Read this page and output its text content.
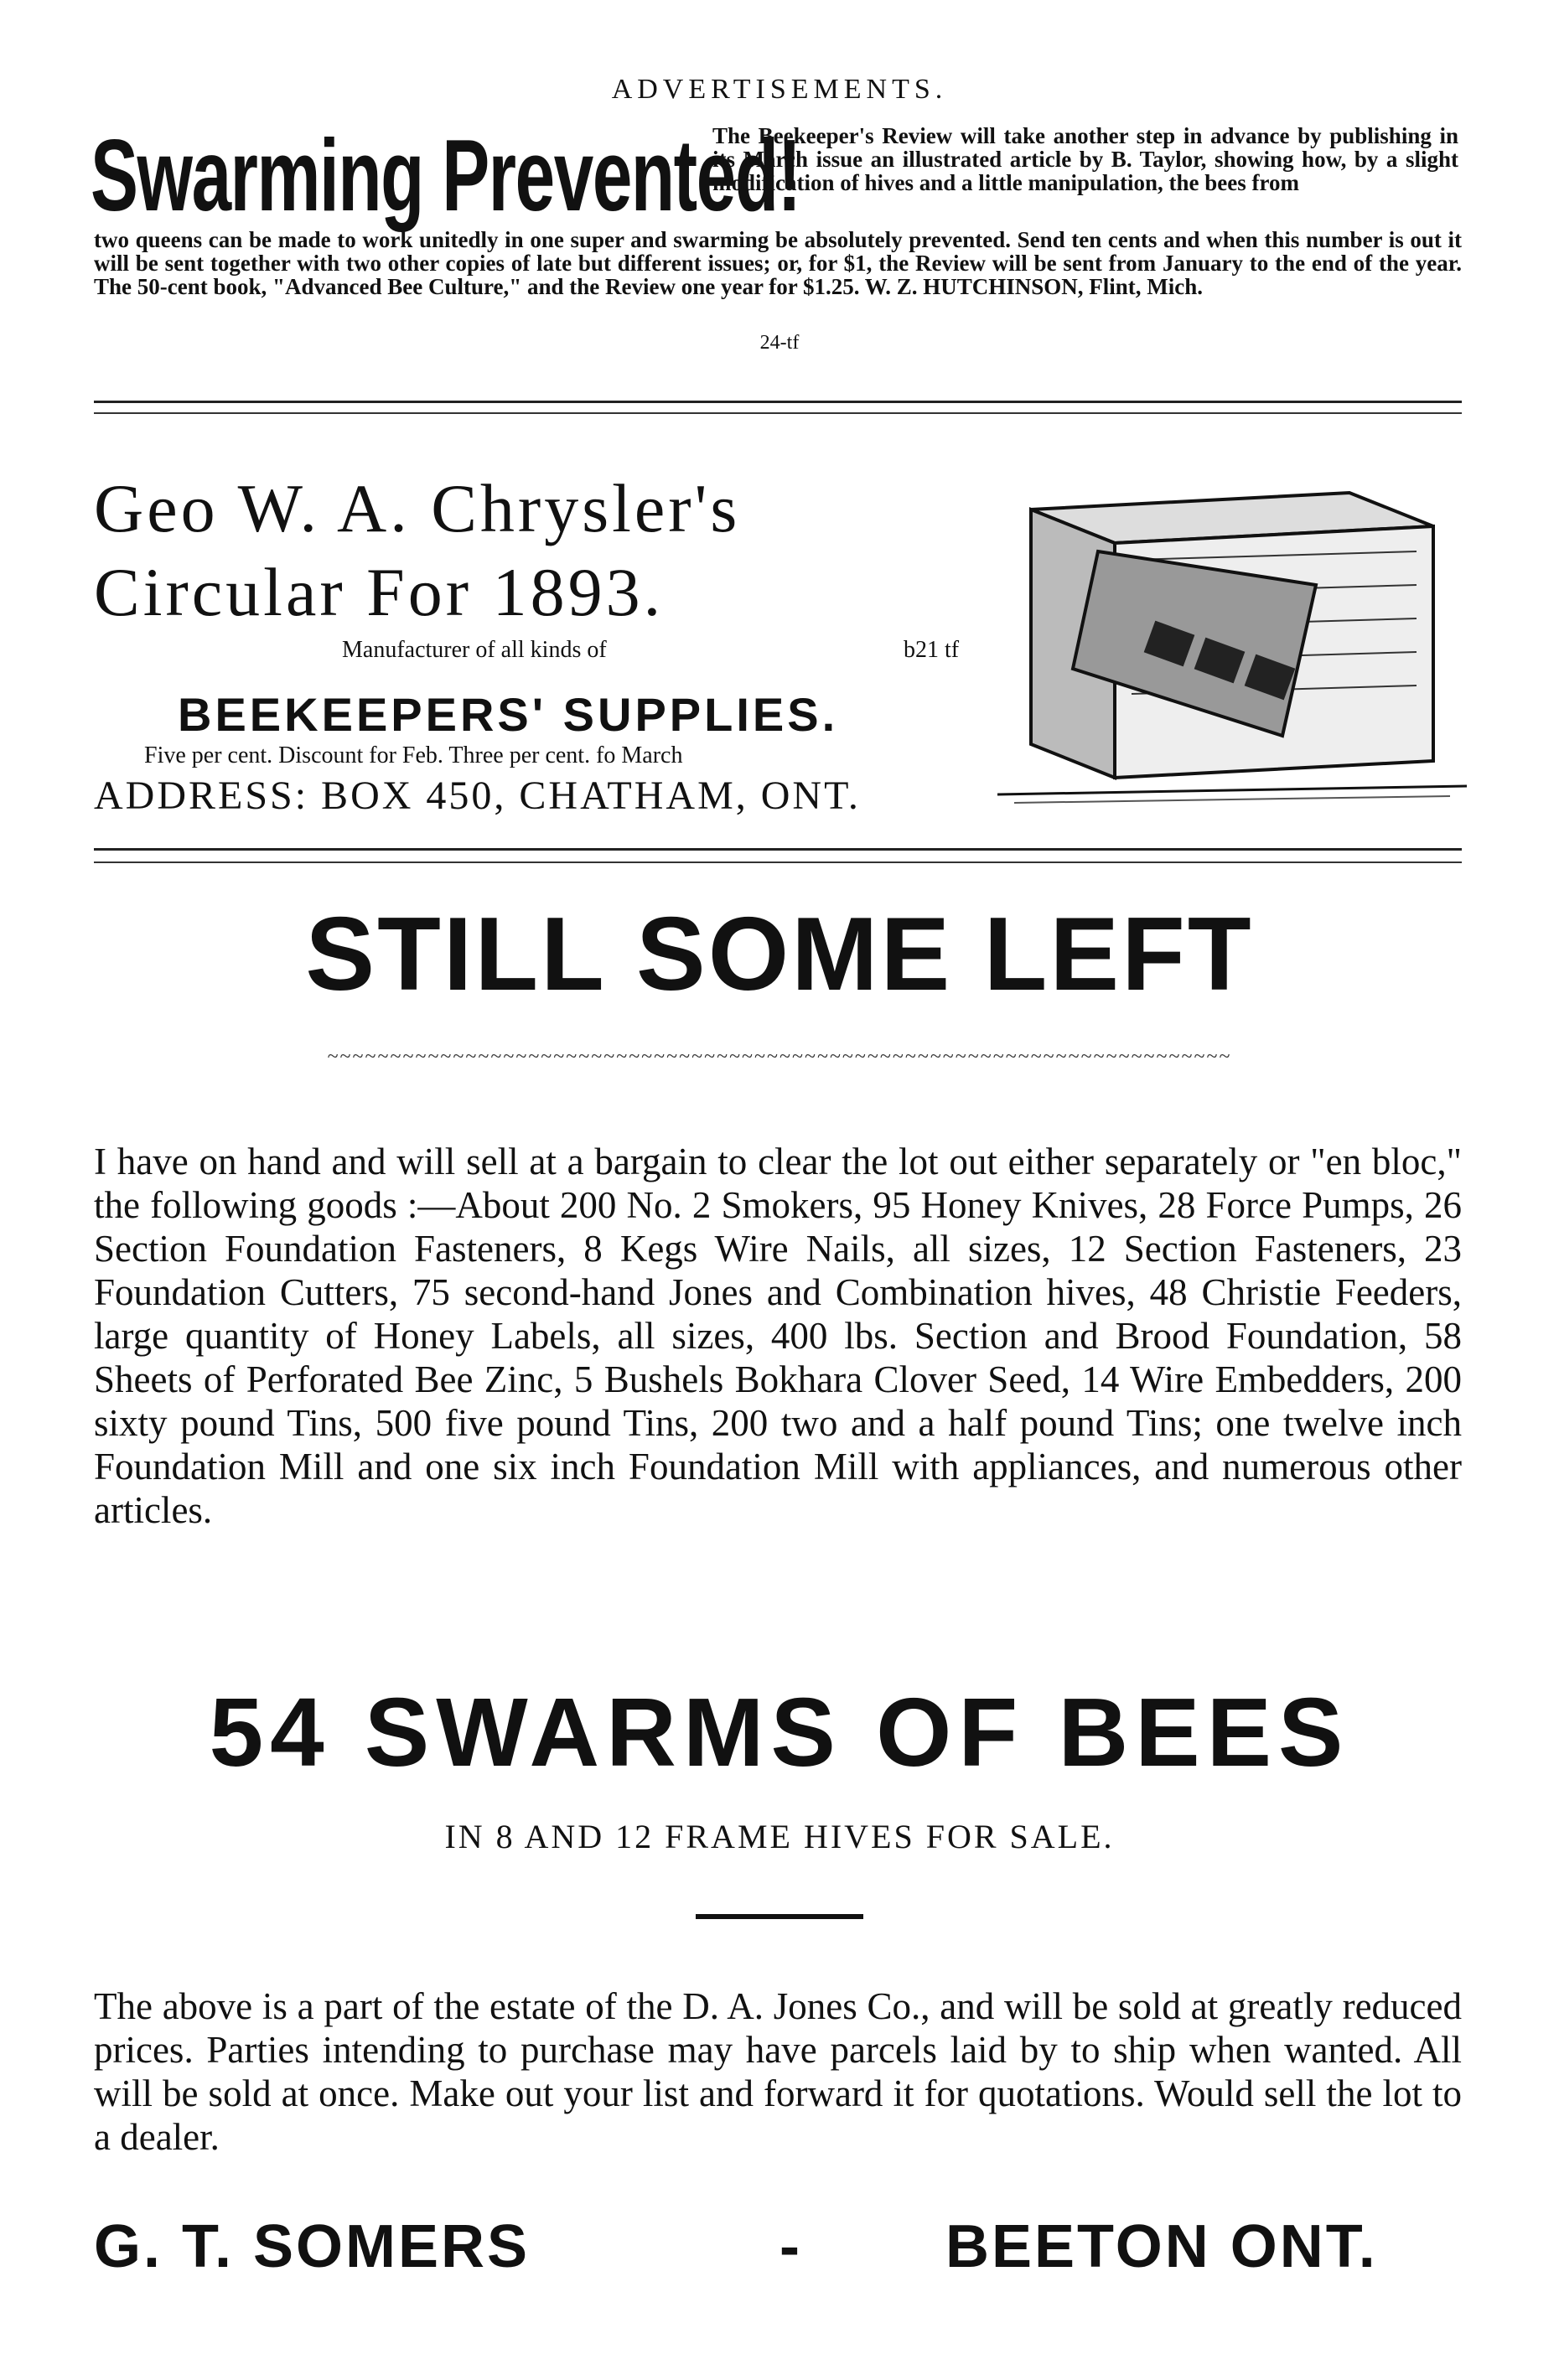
ADVERTISEMENTS.
Swarming Prevented!
The Beekeeper's Review will take another step in advance by publishing in its March issue an illustrated article by B. Taylor, showing how, by a slight modification of hives and a little manipulation, the bees from
two queens can be made to work unitedly in one super and swarming be absolutely prevented. Send ten cents and when this number is out it will be sent together with two other copies of late but different issues; or, for $1, the Review will be sent from January to the end of the year. The 50-cent book, "Advanced Bee Culture," and the Review one year for $1.25. W. Z. HUTCHINSON, Flint, Mich.
24-tf
Geo W. A. Chrysler's
Circular For 1893.
Manufacturer of all kinds of	b21 tf
BEEKEEPERS' SUPPLIES.
Five per cent. Discount for Feb. Three per cent. fo March
ADDRESS: BOX 450, CHATHAM, ONT.
STILL SOME LEFT
~~~~~~~~~~~~~~~~~~~~~~~~~~~~~~~~~~~~~~~~~~~~~~~~~~~~~~~~~~~~~~~~~~~~~~~~
I have on hand and will sell at a bargain to clear the lot out either separately or "en bloc," the following goods :—About 200 No. 2 Smokers, 95 Honey Knives, 28 Force Pumps, 26 Section Foundation Fasteners, 8 Kegs Wire Nails, all sizes, 12 Section Fasteners, 23 Foundation Cutters, 75 second-hand Jones and Combination hives, 48 Christie Feeders, large quantity of Honey Labels, all sizes, 400 lbs. Section and Brood Foundation, 58 Sheets of Perforated Bee Zinc, 5 Bushels Bokhara Clover Seed, 14 Wire Embedders, 200 sixty pound Tins, 500 five pound Tins, 200 two and a half pound Tins; one twelve inch Foundation Mill and one six inch Foundation Mill with appliances, and numerous other articles.
54 SWARMS OF BEES
IN 8 AND 12 FRAME HIVES FOR SALE.
The above is a part of the estate of the D. A. Jones Co., and will be sold at greatly reduced prices. Parties intending to purchase may have parcels laid by to ship when wanted. All will be sold at once. Make out your list and forward it for quotations. Would sell the lot to a dealer.
G. T. SOMERS	- BEETON ONT.
